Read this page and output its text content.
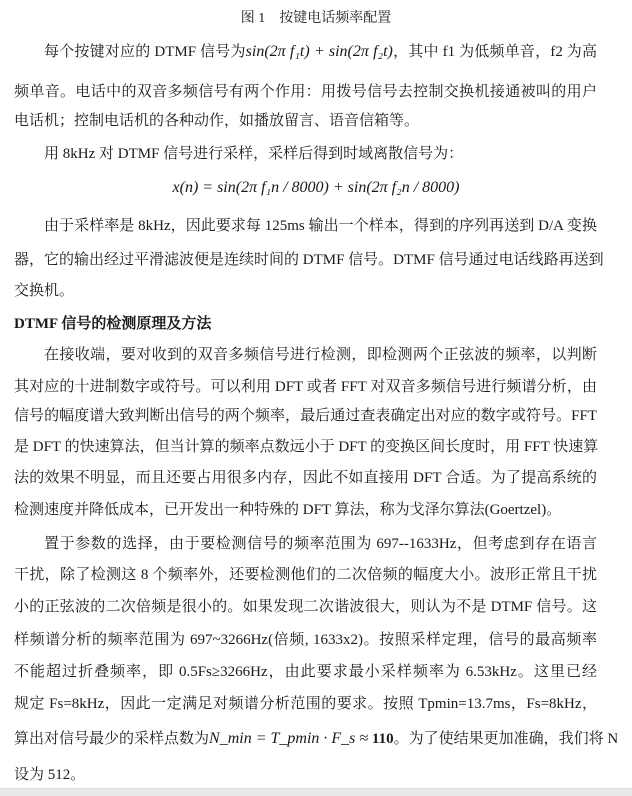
图 1　按键电话频率配置
每个按键对应的 DTMF 信号为sin(2π f₁t) + sin(2π f₂t)，其中 f1 为低频单音，f2 为高
频单音。电话中的双音多频信号有两个作用：用拨号信号去控制交换机接通被叫的用户
电话机；控制电话机的各种动作，如播放留言、语音信箱等。
用 8kHz 对 DTMF 信号进行采样，采样后得到时域离散信号为：
x(n) = sin(2π f₁n / 8000) + sin(2π f₂n / 8000)
由于采样率是 8kHz，因此要求每 125ms 输出一个样本，得到的序列再送到 D/A 变换
器，它的输出经过平滑滤波便是连续时间的 DTMF 信号。DTMF 信号通过电话线路再送到
交换机。
DTMF 信号的检测原理及方法
在接收端，要对收到的双音多频信号进行检测，即检测两个正弦波的频率，以判断
其对应的十进制数字或符号。可以利用 DFT 或者 FFT 对双音多频信号进行频谱分析，由
信号的幅度谱大致判断出信号的两个频率，最后通过查表确定出对应的数字或符号。FFT
是 DFT 的快速算法，但当计算的频率点数远小于 DFT 的变换区间长度时，用 FFT 快速算
法的效果不明显，而且还要占用很多内存，因此不如直接用 DFT 合适。为了提高系统的
检测速度并降低成本，已开发出一种特殊的 DFT 算法，称为戈泽尔算法(Goertzel)。
置于参数的选择，由于要检测信号的频率范围为 697--1633Hz，但考虑到存在语言
干扰，除了检测这 8 个频率外，还要检测他们的二次倍频的幅度大小。波形正常且干扰
小的正弦波的二次倍频是很小的。如果发现二次谐波很大，则认为不是 DTMF 信号。这
样频谱分析的频率范围为 697~3266Hz(倍频, 1633x2)。按照采样定理，信号的最高频率
不能超过折叠频率，即 0.5Fs≥3266Hz，由此要求最小采样频率为 6.53kHz。这里已经
规定 Fs=8kHz，因此一定满足对频谱分析范围的要求。按照 Tpmin=13.7ms，Fs=8kHz，
算出对信号最少的采样点数为N_min = T_pmin · F_s ≈ 110。为了使结果更加准确，我们将 N
设为 512。
